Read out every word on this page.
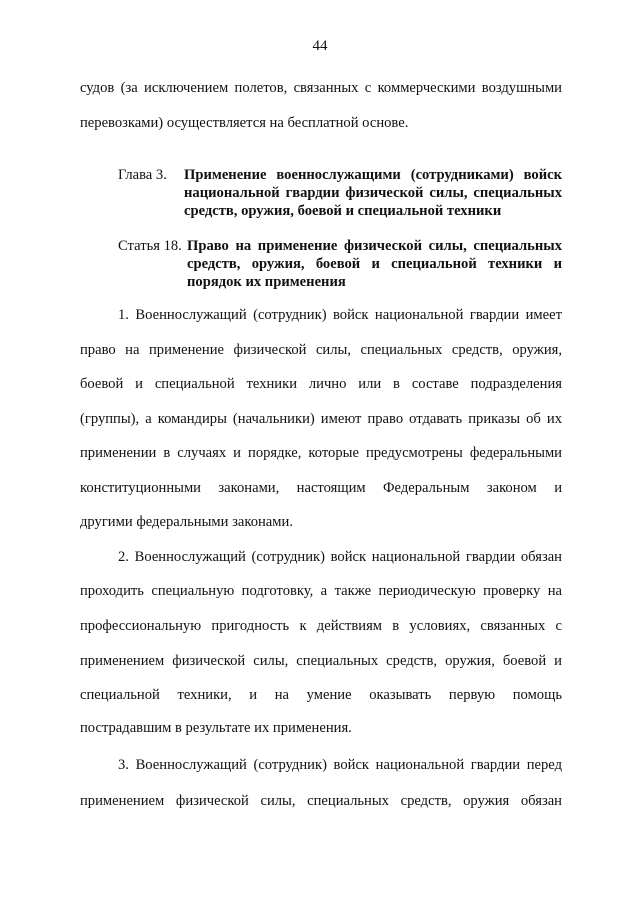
44
судов (за исключением полетов, связанных с коммерческими воздушными
перевозками) осуществляется на бесплатной основе.
Глава 3. Применение военнослужащими (сотрудниками) войск
национальной гвардии физической силы, специальных
средств, оружия, боевой и специальной техники
Статья 18. Право на применение физической силы, специальных
средств, оружия, боевой и специальной техники и
порядок их применения
1. Военнослужащий (сотрудник) войск национальной гвардии имеет
право на применение физической силы, специальных средств, оружия,
боевой и специальной техники лично или в составе подразделения
(группы), а командиры (начальники) имеют право отдавать приказы об их
применении в случаях и порядке, которые предусмотрены федеральными
конституционными законами, настоящим Федеральным законом и
другими федеральными законами.
2. Военнослужащий (сотрудник) войск национальной гвардии обязан
проходить специальную подготовку, а также периодическую проверку на
профессиональную пригодность к действиям в условиях, связанных с
применением физической силы, специальных средств, оружия, боевой и
специальной техники, и на умение оказывать первую помощь
пострадавшим в результате их применения.
3. Военнослужащий (сотрудник) войск национальной гвардии перед
применением физической силы, специальных средств, оружия обязан
